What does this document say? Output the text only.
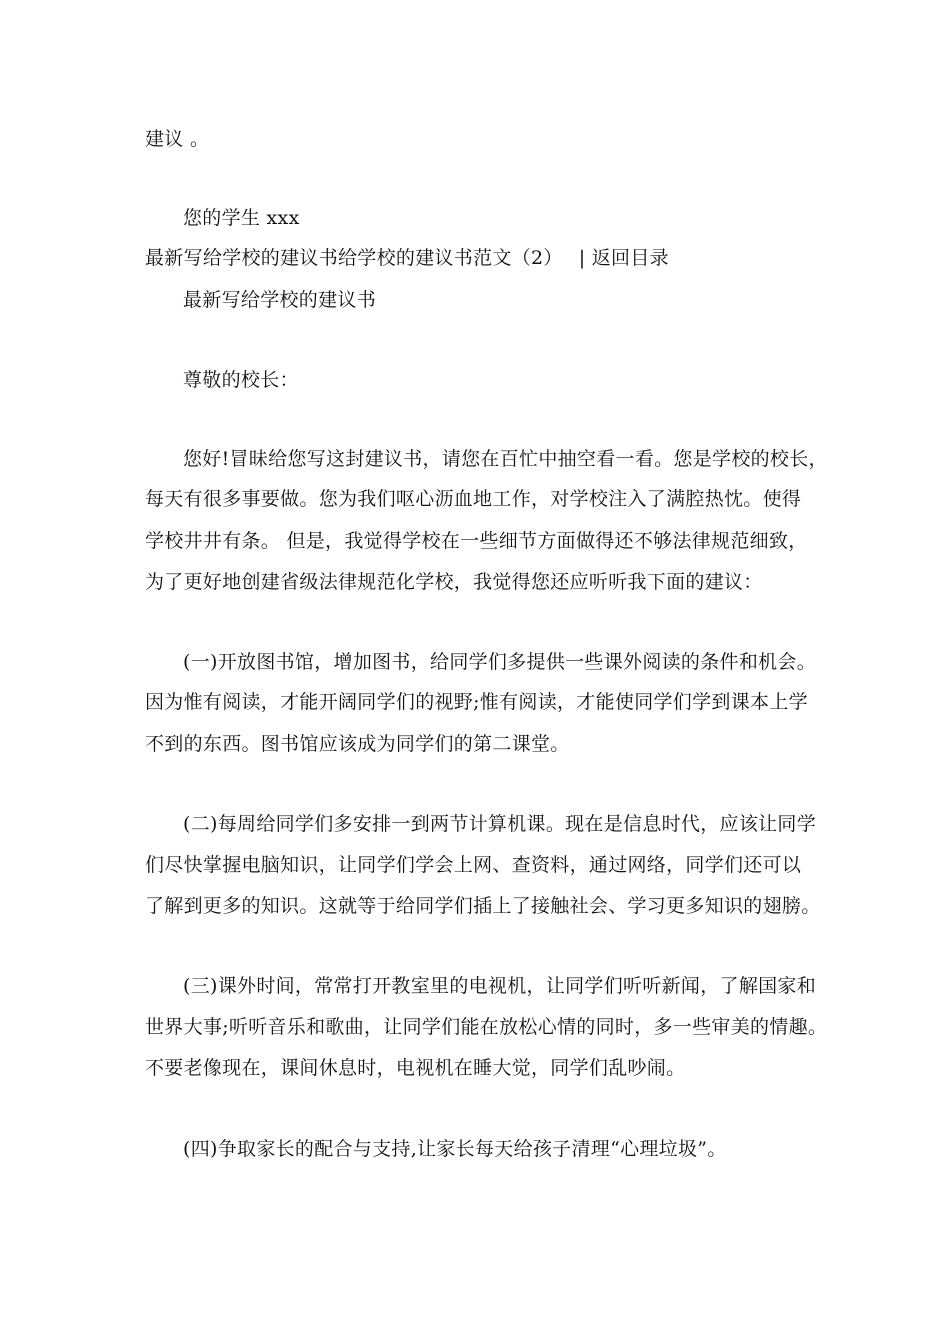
建议 。
您的学生 xxx
最新写给学校的建议书给学校的建议书范文（2） | 返回目录
最新写给学校的建议书
尊敬的校长：
您好!冒昧给您写这封建议书，请您在百忙中抽空看一看。您是学校的校长，
每天有很多事要做。您为我们呕心沥血地工作，对学校注入了满腔热忱。使得
学校井井有条。 但是，我觉得学校在一些细节方面做得还不够法律规范细致，
为了更好地创建省级法律规范化学校，我觉得您还应听听我下面的建议：
(一)开放图书馆，增加图书，给同学们多提供一些课外阅读的条件和机会。
因为惟有阅读，才能开阔同学们的视野;惟有阅读，才能使同学们学到课本上学
不到的东西。图书馆应该成为同学们的第二课堂。
(二)每周给同学们多安排一到两节计算机课。现在是信息时代，应该让同学
们尽快掌握电脑知识，让同学们学会上网、查资料，通过网络，同学们还可以
了解到更多的知识。这就等于给同学们插上了接触社会、学习更多知识的翅膀。
(三)课外时间，常常打开教室里的电视机，让同学们听听新闻，了解国家和
世界大事;听听音乐和歌曲，让同学们能在放松心情的同时，多一些审美的情趣。
不要老像现在，课间休息时，电视机在睡大觉，同学们乱吵闹。
(四)争取家长的配合与支持,让家长每天给孩子清理“心理垃圾”。
